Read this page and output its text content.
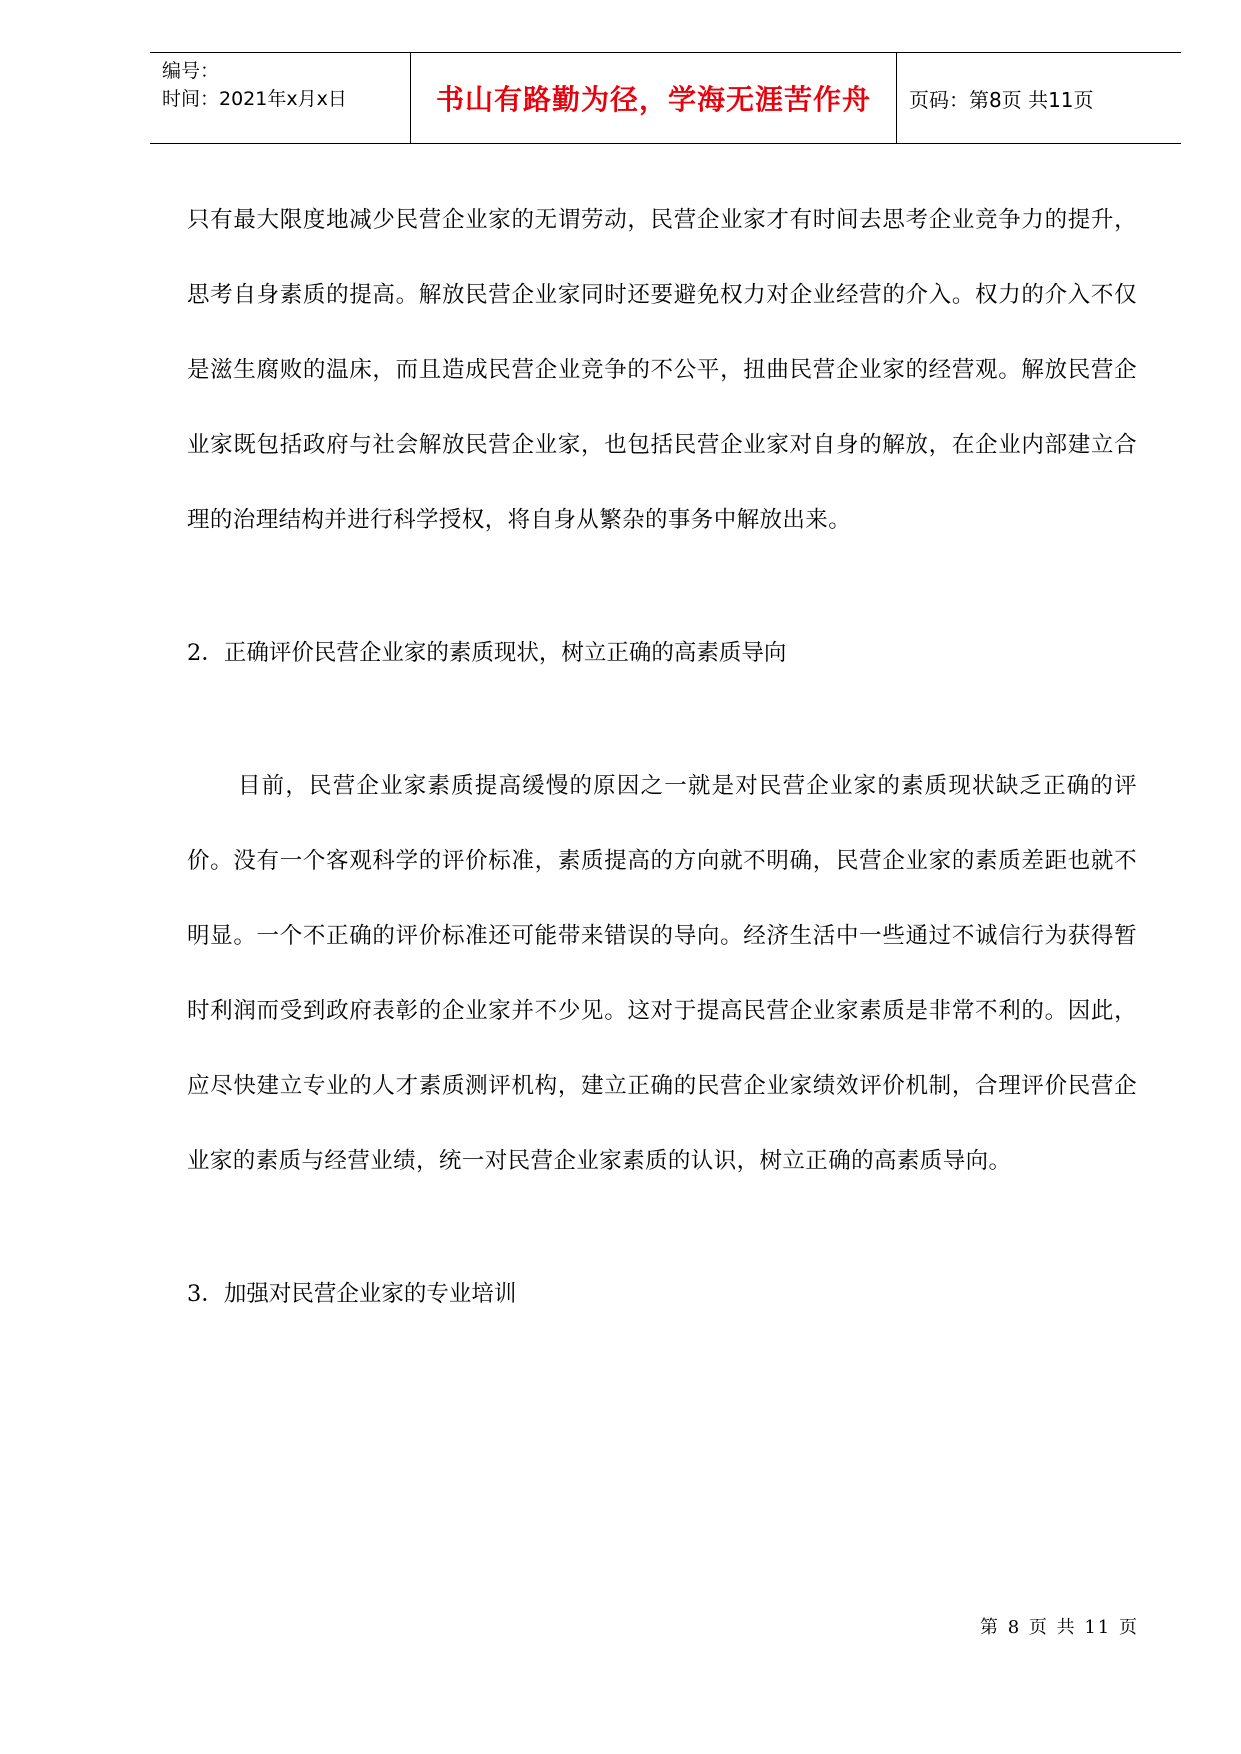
编号：
时间：2021年x月x日	书山有路勤为径，学海无涯苦作舟 页码：第8页 共11页

只有最大限度地减少民营企业家的无谓劳动，民营企业家才有时间去思考企业竞争力的提升，思考自身素质的提高。解放民营企业家同时还要避免权力对企业经营的介入。权力的介入不仅是滋生腐败的温床，而且造成民营企业竞争的不公平，扭曲民营企业家的经营观。解放民营企业家既包括政府与社会解放民营企业家，也包括民营企业家对自身的解放，在企业内部建立合理的治理结构并进行科学授权，将自身从繁杂的事务中解放出来。

2．正确评价民营企业家的素质现状，树立正确的高素质导向

目前，民营企业家素质提高缓慢的原因之一就是对民营企业家的素质现状缺乏正确的评价。没有一个客观科学的评价标准，素质提高的方向就不明确，民营企业家的素质差距也就不明显。一个不正确的评价标准还可能带来错误的导向。经济生活中一些通过不诚信行为获得暂时利润而受到政府表彰的企业家并不少见。这对于提高民营企业家素质是非常不利的。因此，应尽快建立专业的人才素质测评机构，建立正确的民营企业家绩效评价机制，合理评价民营企业家的素质与经营业绩，统一对民营企业家素质的认识，树立正确的高素质导向。

3．加强对民营企业家的专业培训

第 8 页 共 11 页
